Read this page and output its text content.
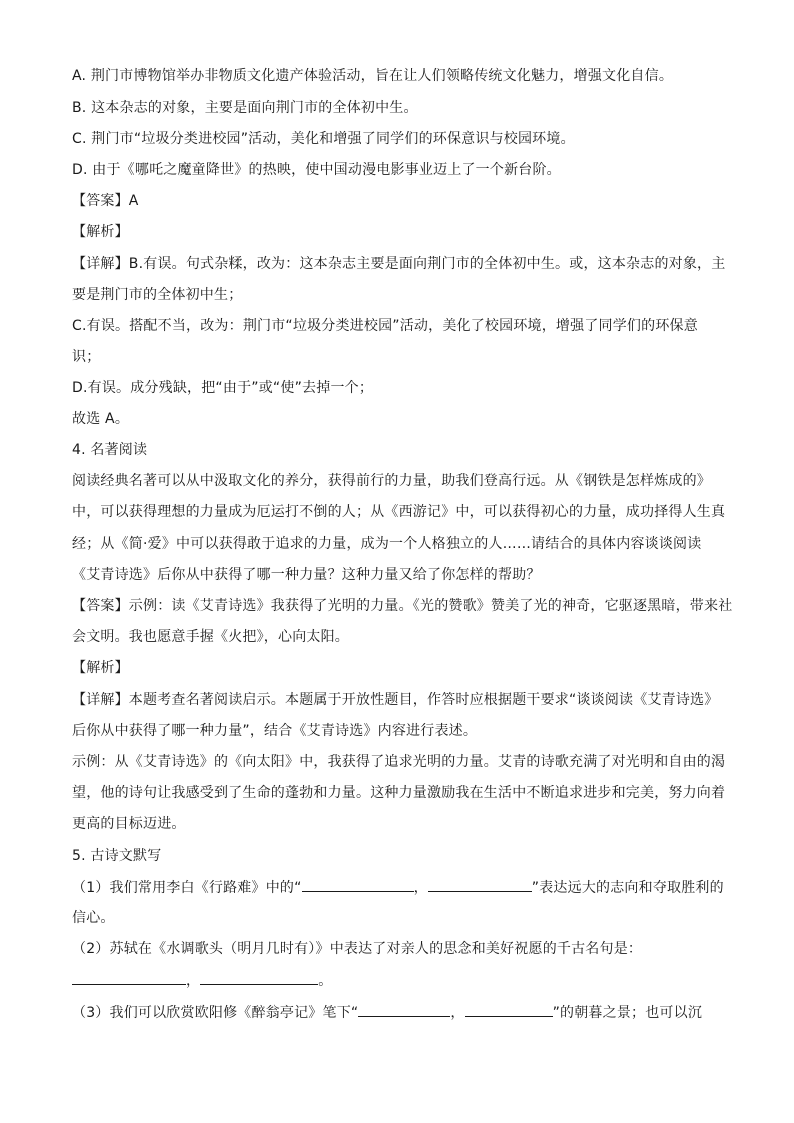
A. 荆门市博物馆举办非物质文化遗产体验活动，旨在让人们领略传统文化魅力，增强文化自信。
B. 这本杂志的对象，主要是面向荆门市的全体初中生。
C. 荆门市“垃圾分类进校园”活动，美化和增强了同学们的环保意识与校园环境。
D. 由于《哪吒之魔童降世》的热映，使中国动漫电影事业迈上了一个新台阶。
【答案】A
【解析】
【详解】B.有误。句式杂糅，改为：这本杂志主要是面向荆门市的全体初中生。或，这本杂志的对象，主
要是荆门市的全体初中生；
C.有误。搭配不当，改为：荆门市“垃圾分类进校园”活动，美化了校园环境，增强了同学们的环保意
识；
D.有误。成分残缺，把“由于”或“使”去掉一个；
故选 A。
4. 名著阅读
阅读经典名著可以从中汲取文化的养分，获得前行的力量，助我们登高行远。从《钢铁是怎样炼成的》
中，可以获得理想的力量成为厄运打不倒的人；从《西游记》中，可以获得初心的力量，成功择得人生真
经；从《简·爱》中可以获得敢于追求的力量，成为一个人格独立的人……请结合的具体内容谈谈阅读
《艾青诗选》后你从中获得了哪一种力量？这种力量又给了你怎样的帮助？
【答案】示例：读《艾青诗选》我获得了光明的力量。《光的赞歌》赞美了光的神奇，它驱逐黑暗，带来社
会文明。我也愿意手握《火把》，心向太阳。
【解析】
【详解】本题考查名著阅读启示。本题属于开放性题目，作答时应根据题干要求“谈谈阅读《艾青诗选》
后你从中获得了哪一种力量”，结合《艾青诗选》内容进行表述。
示例：从《艾青诗选》的《向太阳》中，我获得了追求光明的力量。艾青的诗歌充满了对光明和自由的渴
望，他的诗句让我感受到了生命的蓬勃和力量。这种力量激励我在生活中不断追求进步和完美，努力向着
更高的目标迈进。
5. 古诗文默写
（1）我们常用李白《行路难》中的“	，	”表达远大的志向和夺取胜利的
信心。
（2）苏轼在《水调歌头（明月几时有）》中表达了对亲人的思念和美好祝愿的千古名句是：
，	。
（3）我们可以欣赏欧阳修《醉翁亭记》笔下“	，	”的朝暮之景；也可以沉
